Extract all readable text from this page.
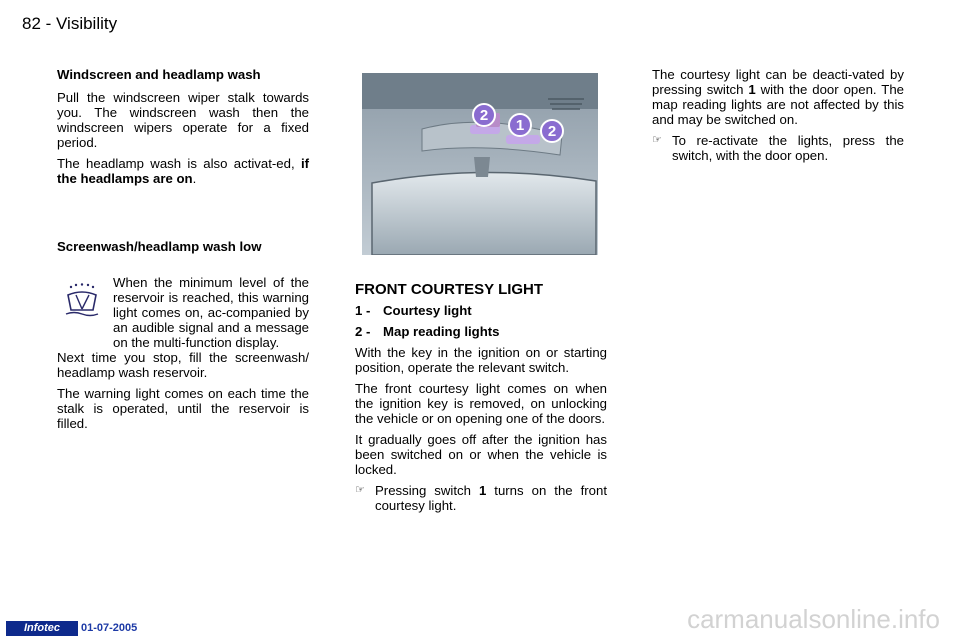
82 - Visibility

Windscreen and headlamp wash

Pull the windscreen wiper stalk towards you. The windscreen wash then the windscreen wipers operate for a fixed period.

The headlamp wash is also activat-ed, if the headlamps are on.

Screenwash/headlamp wash low

When the minimum level of the reservoir is reached, this warning light comes on, ac-companied by an audible signal and a message on the multi-function display.

Next time you stop, fill the screenwash/ headlamp wash reservoir.

The warning light comes on each time the stalk is operated, until the reservoir is filled.

2
1 2

FRONT COURTESY LIGHT

1 - Courtesy light

2 - Map reading lights

With the key in the ignition on or starting position, operate the relevant switch.

The front courtesy light comes on when the ignition key is removed, on unlocking the vehicle or on opening one of the doors.

It gradually goes off after the ignition has been switched on or when the vehicle is locked.

☞ Pressing switch 1 turns on the front courtesy light.

The courtesy light can be deacti-vated by pressing switch 1 with the door open. The map reading lights are not affected by this and may be switched on.

☞ To re-activate the lights, press the switch, with the door open.
Infotec	01-07-2005	carmanualsonline.info
